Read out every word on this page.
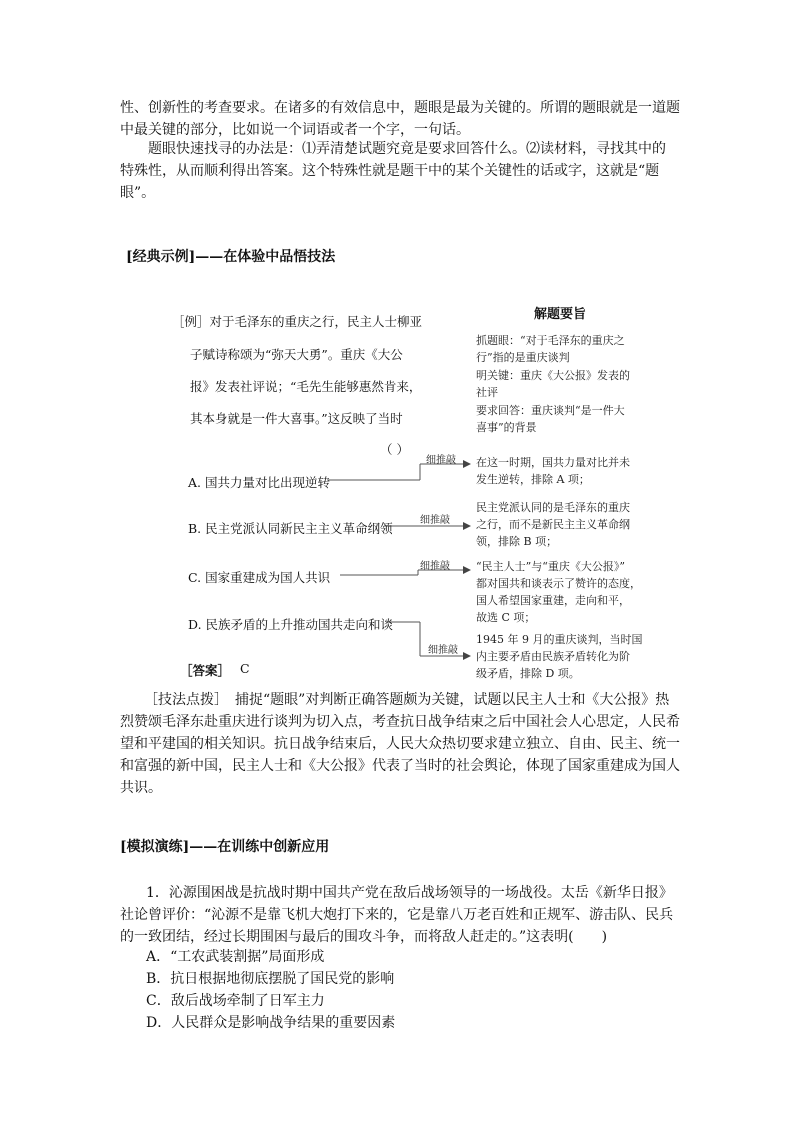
性、创新性的考查要求。在诸多的有效信息中，题眼是最为关键的。所谓的题眼就是一道题
中最关键的部分，比如说一个词语或者一个字，一句话。
题眼快速找寻的办法是：⑴弄清楚试题究竟是要求回答什么。⑵读材料，寻找其中的
特殊性，从而顺利得出答案。这个特殊性就是题干中的某个关键性的话或字，这就是“题
眼”。
[经典示例]——在体验中品悟技法
［例］对于毛泽东的重庆之行，民主人士柳亚
子赋诗称颂为“弥天大勇”。重庆《大公
报》发表社评说；“毛先生能够惠然肯来，
其本身就是一件大喜事。”这反映了当时
（ ）
A. 国共力量对比出现逆转
B. 民主党派认同新民主主义革命纲领
C. 国家重建成为国人共识
D. 民族矛盾的上升推动国共走向和谈
［答案］ C
解题要旨
抓题眼：“对于毛泽东的重庆之
行”指的是重庆谈判
明关键：重庆《大公报》发表的
社评
要求回答：重庆谈判“是一件大
喜事”的背景
细推敲
细推敲
细推敲
细推敲
在这一时期，国共力量对比并未
发生逆转，排除 A 项；
民主党派认同的是毛泽东的重庆
之行，而不是新民主主义革命纲
领，排除 B 项；
“民主人士”与“重庆《大公报》”
都对国共和谈表示了赞许的态度，
国人希望国家重建，走向和平，
故选 C 项；
1945 年 9 月的重庆谈判，当时国
内主要矛盾由民族矛盾转化为阶
级矛盾，排除 D 项。
［技法点拨］　捕捉“题眼”对判断正确答题颇为关键，试题以民主人士和《大公报》热
烈赞颂毛泽东赴重庆进行谈判为切入点，考查抗日战争结束之后中国社会人心思定，人民希
望和平建国的相关知识。抗日战争结束后，人民大众热切要求建立独立、自由、民主、统一
和富强的新中国，民主人士和《大公报》代表了当时的社会舆论，体现了国家重建成为国人
共识。
[模拟演练]——在训练中创新应用
1．沁源围困战是抗战时期中国共产党在敌后战场领导的一场战役。太岳《新华日报》
社论曾评价：“沁源不是靠飞机大炮打下来的，它是靠八万老百姓和正规军、游击队、民兵
的一致团结，经过长期围困与最后的围攻斗争，而将敌人赶走的。”这表明(　　)
A．“工农武装割据”局面形成
B．抗日根据地彻底摆脱了国民党的影响
C．敌后战场牵制了日军主力
D．人民群众是影响战争结果的重要因素
